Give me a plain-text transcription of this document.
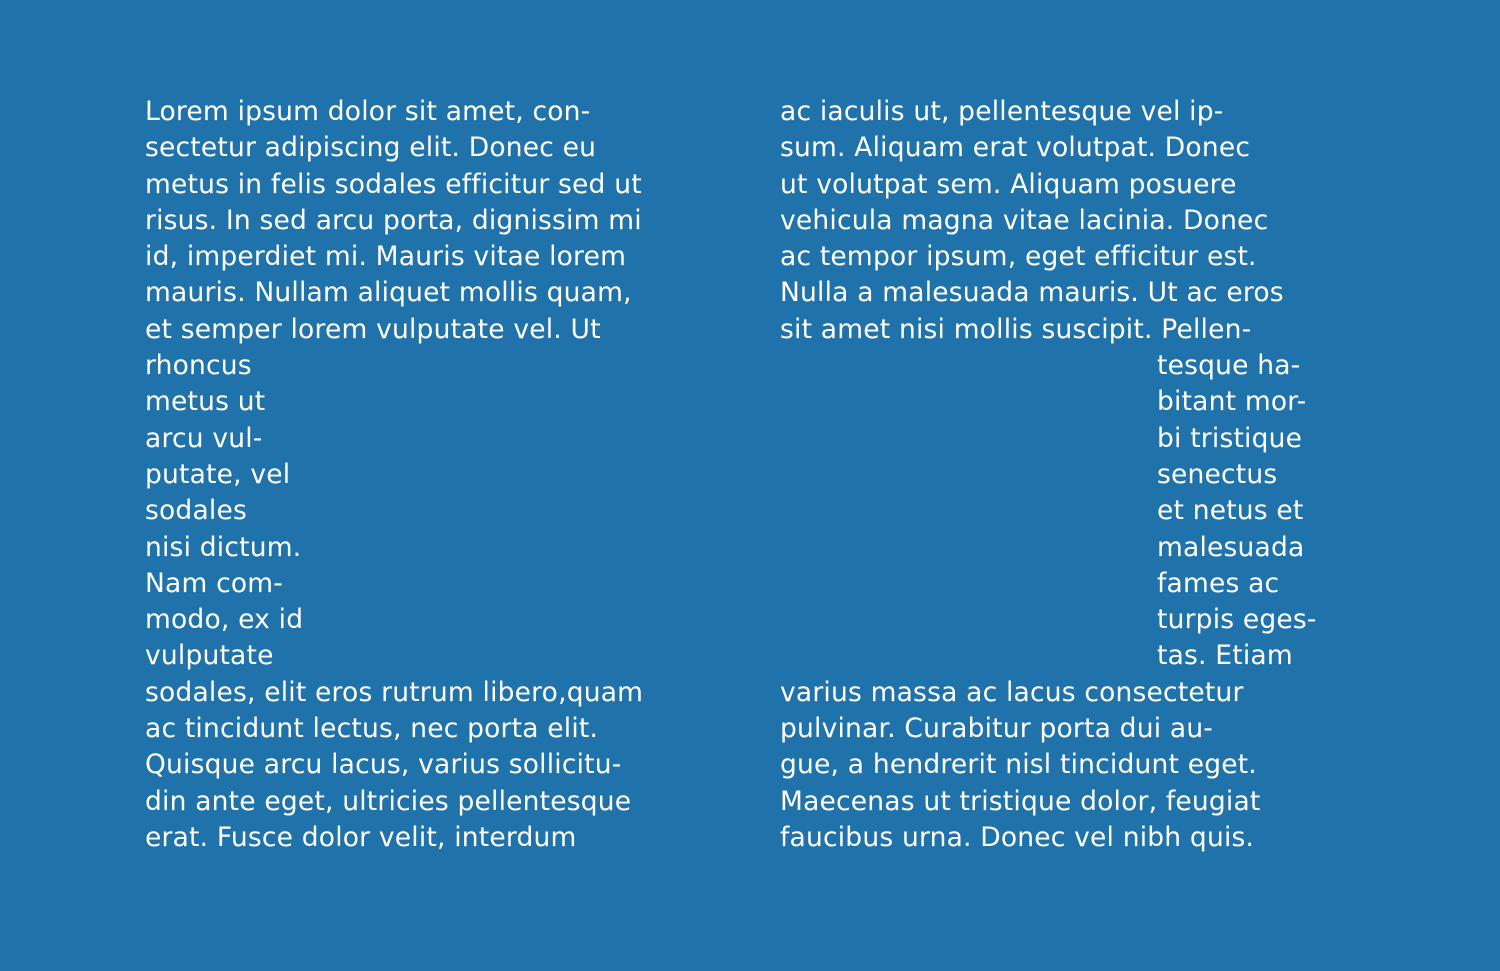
Lorem ipsum dolor sit amet, con-
sectetur adipiscing elit. Donec eu
metus in felis sodales efficitur sed ut
risus. In sed arcu porta, dignissim mi
id, imperdiet mi. Mauris vitae lorem
mauris. Nullam aliquet mollis quam,
et semper lorem vulputate vel. Ut
rhoncus
metus ut
arcu vul-
putate, vel
sodales
nisi dictum.
Nam com-
modo, ex id
vulputate
sodales, elit eros rutrum libero,quam
ac tincidunt lectus, nec porta elit.
Quisque arcu lacus, varius sollicitu-
din ante eget, ultricies pellentesque
erat. Fusce dolor velit, interdum
ac iaculis ut, pellentesque vel ip-
sum. Aliquam erat volutpat. Donec
ut volutpat sem. Aliquam posuere
vehicula magna vitae lacinia. Donec
ac tempor ipsum, eget efficitur est.
Nulla a malesuada mauris. Ut ac eros
sit amet nisi mollis suscipit. Pellen-
tesque ha-
bitant mor-
bi tristique
senectus
et netus et
malesuada
fames ac
turpis eges-
tas. Etiam
varius massa ac lacus consectetur
pulvinar. Curabitur porta dui au-
gue, a hendrerit nisl tincidunt eget.
Maecenas ut tristique dolor, feugiat
faucibus urna. Donec vel nibh quis.
